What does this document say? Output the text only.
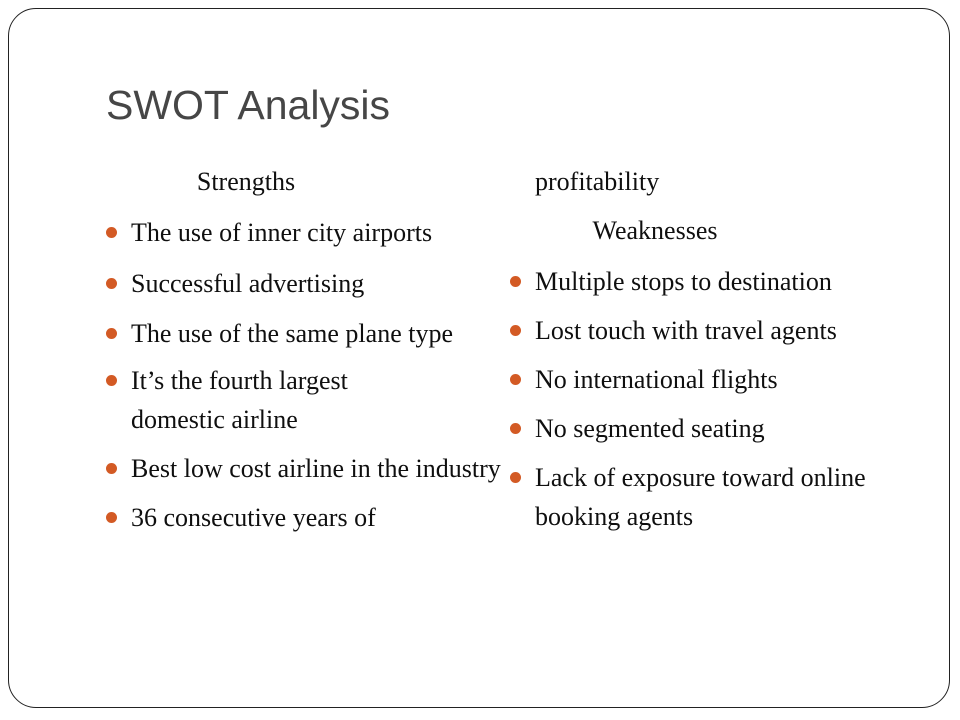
SWOT Analysis

Strengths

The use of inner city airports
Successful advertising
The use of the same plane type
It’s the fourth largest domestic airline
Best low cost airline in the industry
36 consecutive years of

profitability

Weaknesses

Multiple stops to destination
Lost touch with travel agents
No international flights
No segmented seating
Lack of exposure toward online booking agents
